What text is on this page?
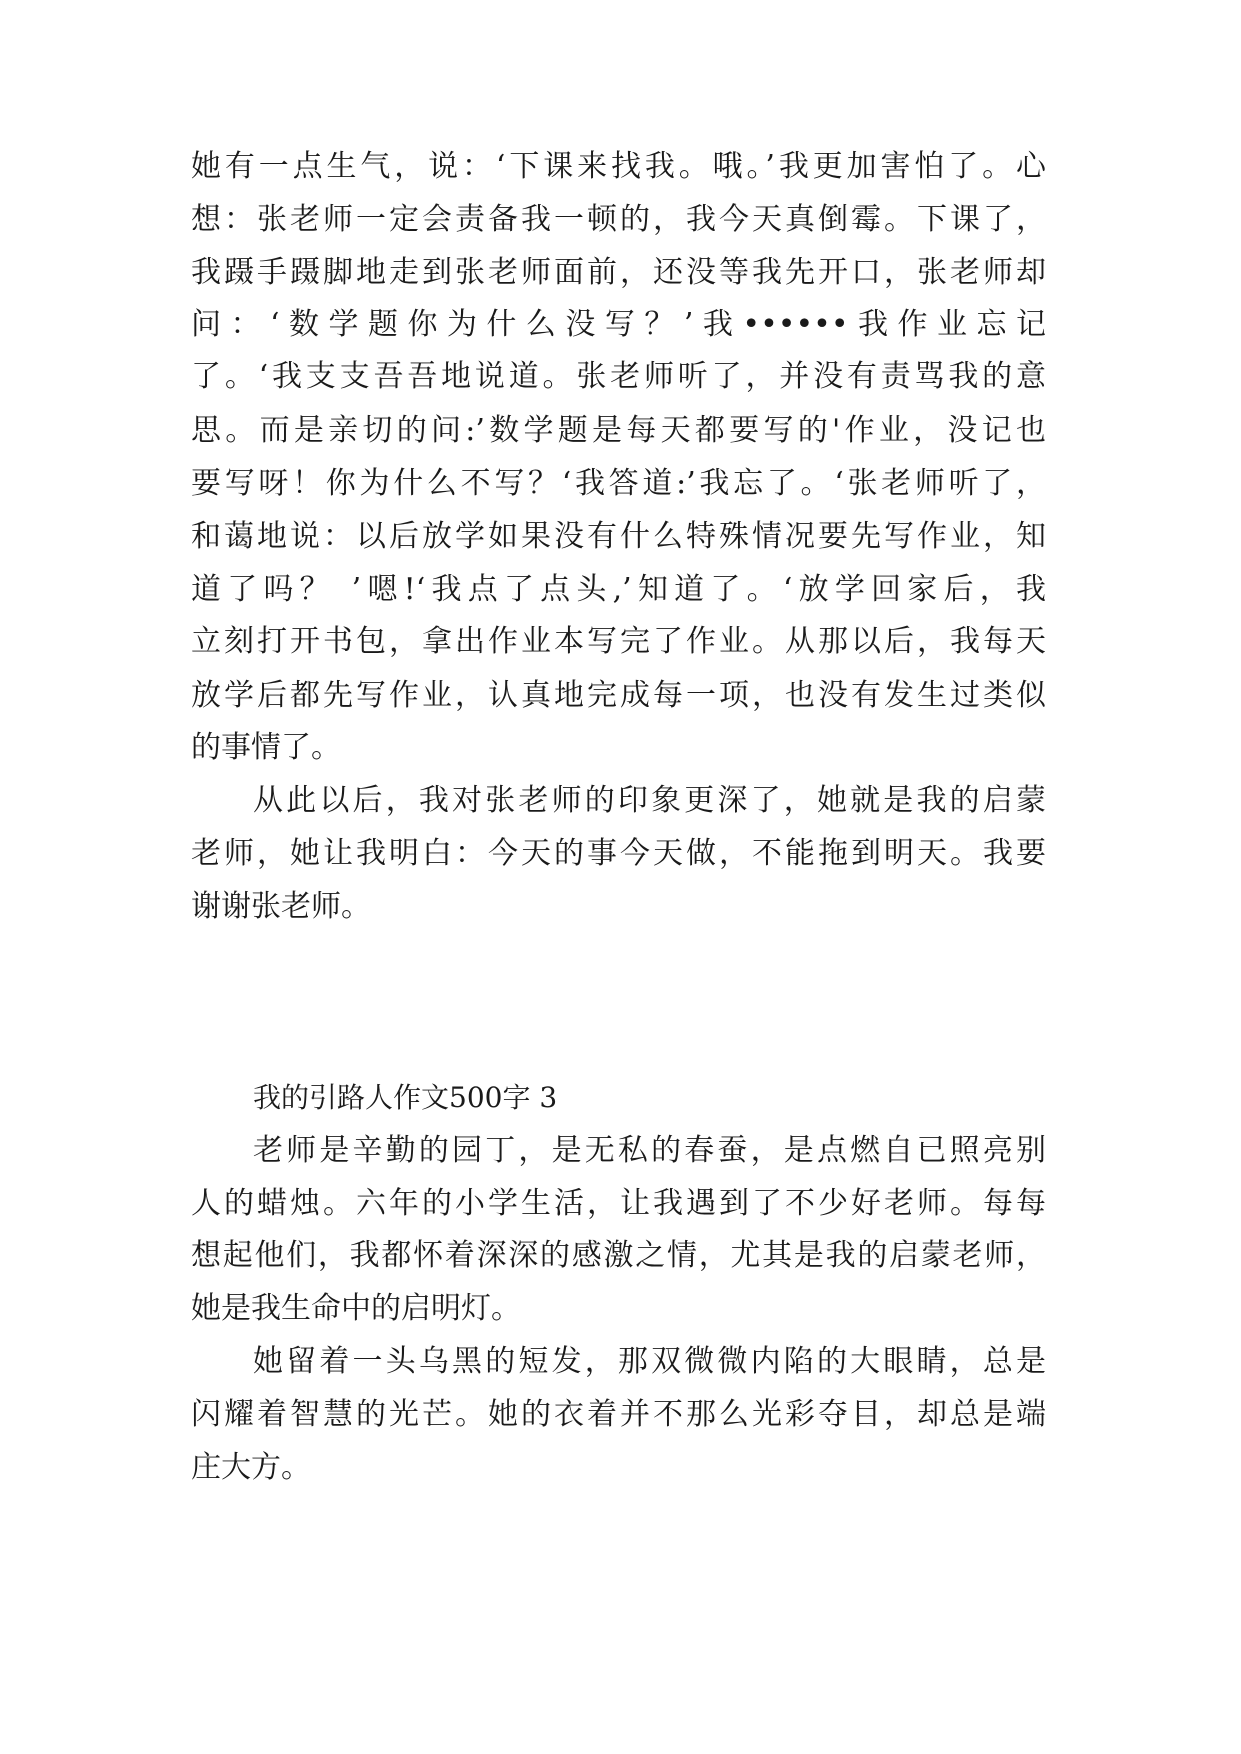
她有一点生气，说：‘下课来找我。哦。’我更加害怕了。心
想：张老师一定会责备我一顿的，我今天真倒霉。下课了，
我蹑手蹑脚地走到张老师面前，还没等我先开口，张老师却
问：‘数学题你为什么没写？’我••••••我作业忘记
了。‘我支支吾吾地说道。张老师听了，并没有责骂我的意
思。而是亲切的问:’数学题是每天都要写的'作业，没记也
要写呀！你为什么不写？‘我答道:’我忘了。‘张老师听了，
和蔼地说：以后放学如果没有什么特殊情况要先写作业，知
道了吗？ ’嗯!‘我点了点头,’知道了。‘放学回家后，我
立刻打开书包，拿出作业本写完了作业。从那以后，我每天
放学后都先写作业，认真地完成每一项，也没有发生过类似
的事情了。
从此以后，我对张老师的印象更深了，她就是我的启蒙
老师，她让我明白：今天的事今天做，不能拖到明天。我要
谢谢张老师。
我的引路人作文500字 3
老师是辛勤的园丁，是无私的春蚕，是点燃自已照亮别
人的蜡烛。六年的小学生活，让我遇到了不少好老师。每每
想起他们，我都怀着深深的感激之情，尤其是我的启蒙老师，
她是我生命中的启明灯。
她留着一头乌黑的短发，那双微微内陷的大眼睛，总是
闪耀着智慧的光芒。她的衣着并不那么光彩夺目，却总是端
庄大方。
